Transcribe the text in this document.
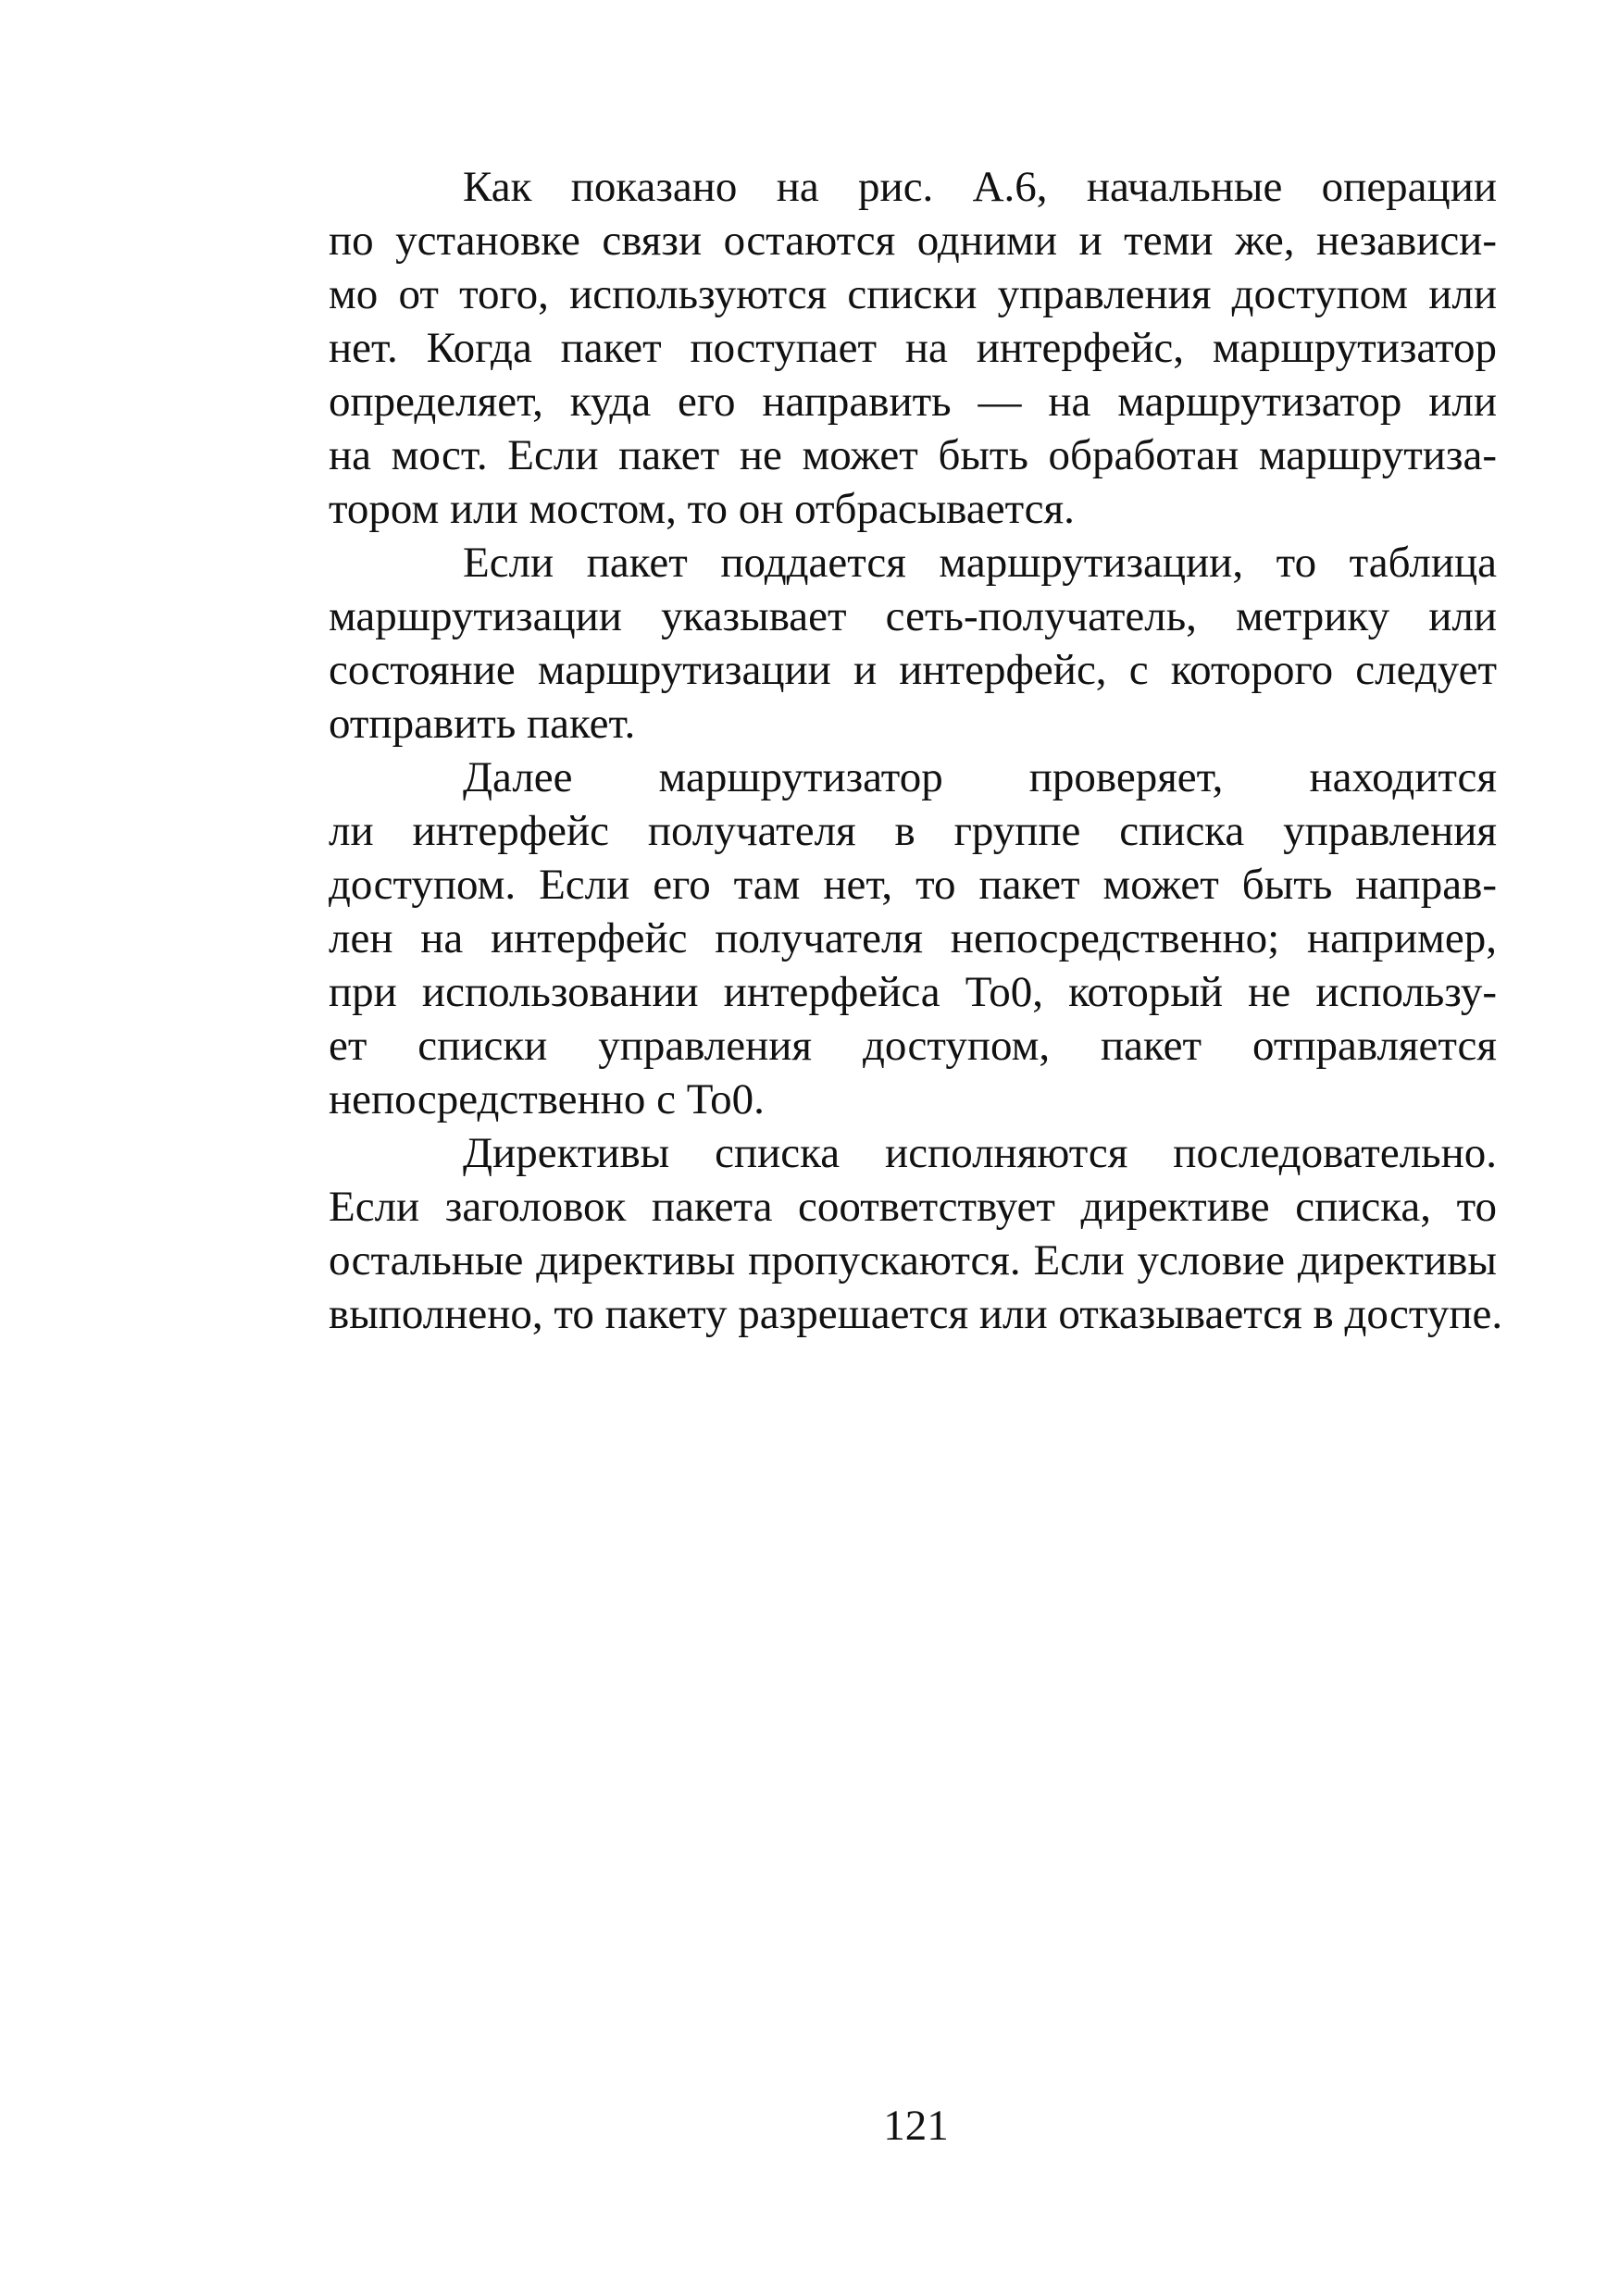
Как показано на рис. А.6, начальные операции
по установке связи остаются одними и теми же, независи-
мо от того, используются списки управления доступом или
нет. Когда пакет поступает на интерфейс, маршрутизатор
определяет, куда его направить — на маршрутизатор или
на мост. Если пакет не может быть обработан маршрутиза-
тором или мостом, то он отбрасывается.

Если пакет поддается маршрутизации, то таблица
маршрутизации указывает сеть-получатель, метрику или
состояние маршрутизации и интерфейс, с которого следует
отправить пакет.

Далее маршрутизатор проверяет, находится
ли интерфейс получателя в группе списка управления
доступом. Если его там нет, то пакет может быть направ-
лен на интерфейс получателя непосредственно; например,
при использовании интерфейса To0, который не использу-
ет списки управления доступом, пакет отправляется
непосредственно с To0.

Директивы списка исполняются последовательно.
Если заголовок пакета соответствует директиве списка, то
остальные директивы пропускаются. Если условие директивы
выполнено, то пакету разрешается или отказывается в доступе.

121
